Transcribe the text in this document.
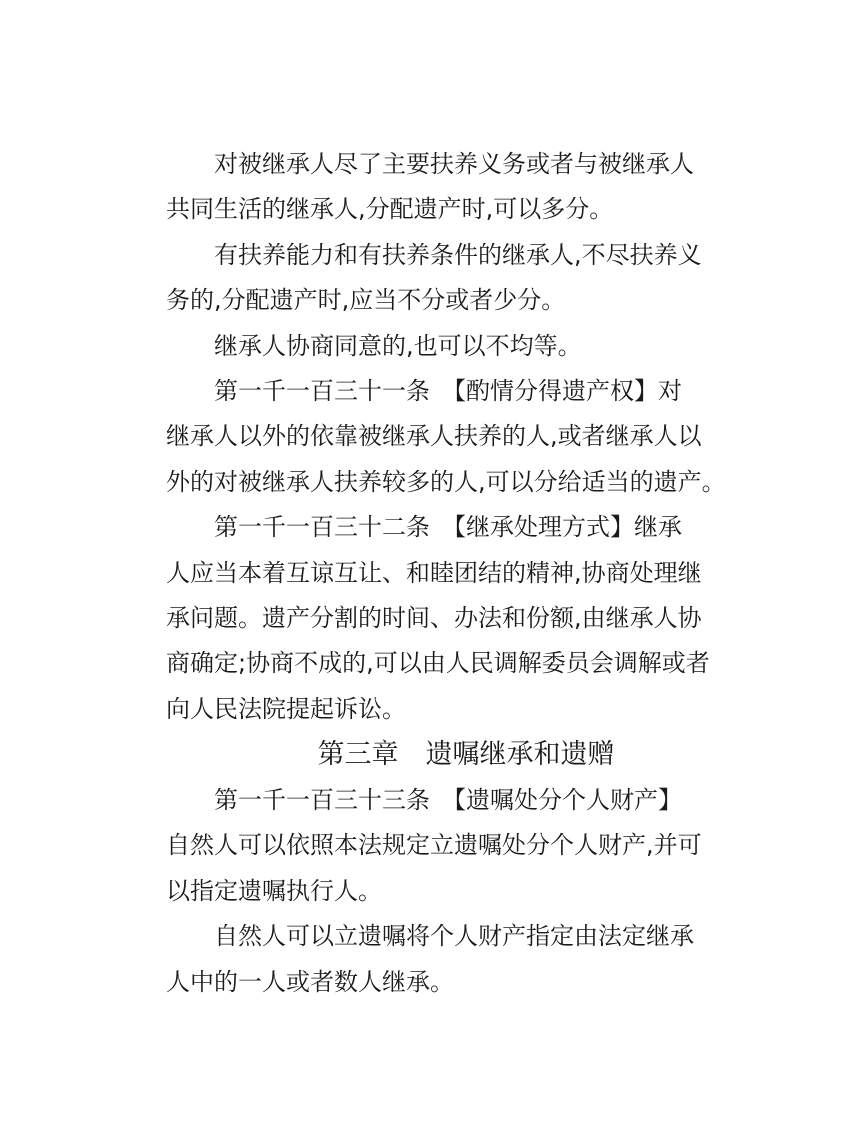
对被继承人尽了主要扶养义务或者与被继承人
共同生活的继承人,分配遗产时,可以多分。
有扶养能力和有扶养条件的继承人,不尽扶养义
务的,分配遗产时,应当不分或者少分。
继承人协商同意的,也可以不均等。
第一千一百三十一条　【酌情分得遗产权】对
继承人以外的依靠被继承人扶养的人,或者继承人以
外的对被继承人扶养较多的人,可以分给适当的遗产。
第一千一百三十二条　【继承处理方式】继承
人应当本着互谅互让、和睦团结的精神,协商处理继
承问题。遗产分割的时间、办法和份额,由继承人协
商确定;协商不成的,可以由人民调解委员会调解或者
向人民法院提起诉讼。
第三章　遗嘱继承和遗赠
第一千一百三十三条　【遗嘱处分个人财产】
自然人可以依照本法规定立遗嘱处分个人财产,并可
以指定遗嘱执行人。
自然人可以立遗嘱将个人财产指定由法定继承
人中的一人或者数人继承。
